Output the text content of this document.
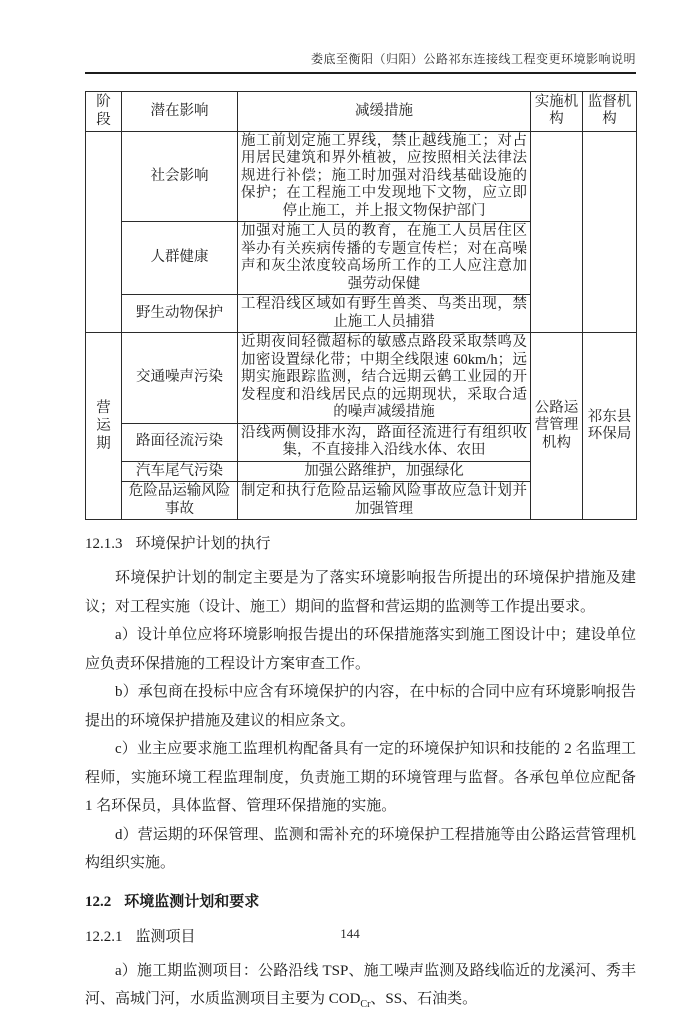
娄底至衡阳（归阳）公路祁东连接线工程变更环境影响说明
阶段	潜在影响	减缓措施	实施机构	监督机构
	社会影响	施工前划定施工界线，禁止越线施工；对占用居民建筑和界外植被，应按照相关法律法规进行补偿；施工时加强对沿线基础设施的保护；在工程施工中发现地下文物，应立即停止施工，并上报文物保护部门		
	人群健康	加强对施工人员的教育，在施工人员居住区举办有关疾病传播的专题宣传栏；对在高噪声和灰尘浓度较高场所工作的工人应注意加强劳动保健		
	野生动物保护	工程沿线区域如有野生兽类、鸟类出现，禁止施工人员捕猎		
营运期	交通噪声污染	近期夜间轻微超标的敏感点路段采取禁鸣及加密设置绿化带；中期全线限速 60km/h；远期实施跟踪监测，结合远期云鹤工业园的开发程度和沿线居民点的远期现状，采取合适的噪声减缓措施	公路运营管理机构	祁东县环保局
	路面径流污染	沿线两侧设排水沟，路面径流进行有组织收集，不直接排入沿线水体、农田		
	汽车尾气污染	加强公路维护，加强绿化		
	危险品运输风险事故	制定和执行危险品运输风险事故应急计划并加强管理		
12.1.3 环境保护计划的执行

环境保护计划的制定主要是为了落实环境影响报告所提出的环境保护措施及建议；对工程实施（设计、施工）期间的监督和营运期的监测等工作提出要求。

a）设计单位应将环境影响报告提出的环保措施落实到施工图设计中；建设单位应负责环保措施的工程设计方案审查工作。

b）承包商在投标中应含有环境保护的内容，在中标的合同中应有环境影响报告提出的环境保护措施及建议的相应条文。

c）业主应要求施工监理机构配备具有一定的环境保护知识和技能的 2 名监理工程师，实施环境工程监理制度，负责施工期的环境管理与监督。各承包单位应配备 1 名环保员，具体监督、管理环保措施的实施。

d）营运期的环保管理、监测和需补充的环境保护工程措施等由公路运营管理机构组织实施。

12.2 环境监测计划和要求
12.2.1 监测项目

a）施工期监测项目：公路沿线 TSP、施工噪声监测及路线临近的龙溪河、秀丰河、高城门河，水质监测项目主要为 $COD_{Cr}$、SS、石油类。

144
